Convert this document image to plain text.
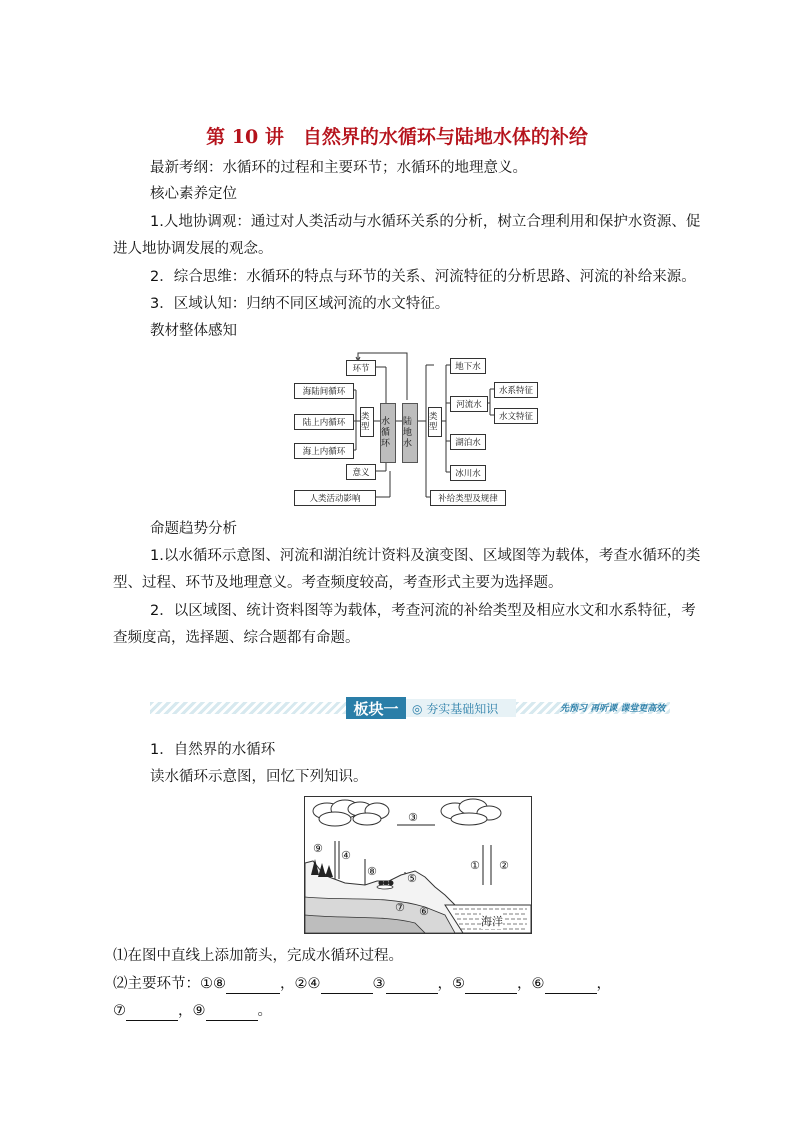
第 10 讲　自然界的水循环与陆地水体的补给
最新考纲：水循环的过程和主要环节；水循环的地理意义。
核心素养定位
1.人地协调观：通过对人类活动与水循环关系的分析，树立合理利用和保护水资源、促
进人地协调发展的观念。
2．综合思维：水循环的特点与环节的关系、河流特征的分析思路、河流的补给来源。
3．区域认知：归纳不同区域河流的水文特征。
教材整体感知
环节
海陆间循环
陆上内循环
海上内循环
类型
意义
人类活动影响
水循环
陆地水
类型
地下水
河流水
水系特征
水文特征
湖泊水
冰川水
补给类型及规律
命题趋势分析
1.以水循环示意图、河流和湖泊统计资料及演变图、区域图等为载体，考查水循环的类
型、过程、环节及地理意义。考查频度较高，考查形式主要为选择题。
2．以区域图、统计资料图等为载体，考查河流的补给类型及相应水文和水系特征，考
查频度高，选择题、综合题都有命题。
板块一	◎ 夯实基础知识	先预习 再听课 课堂更高效
1．自然界的水循环
读水循环示意图，回忆下列知识。
③
⑨
④
⑧	① ②
⑤
⑦ ⑥
海洋
⑴在图中直线上添加箭头，完成水循环过程。
⑵主要环节：①⑧	，②④	③	，⑤	，⑥	，
⑦	，⑨	。
